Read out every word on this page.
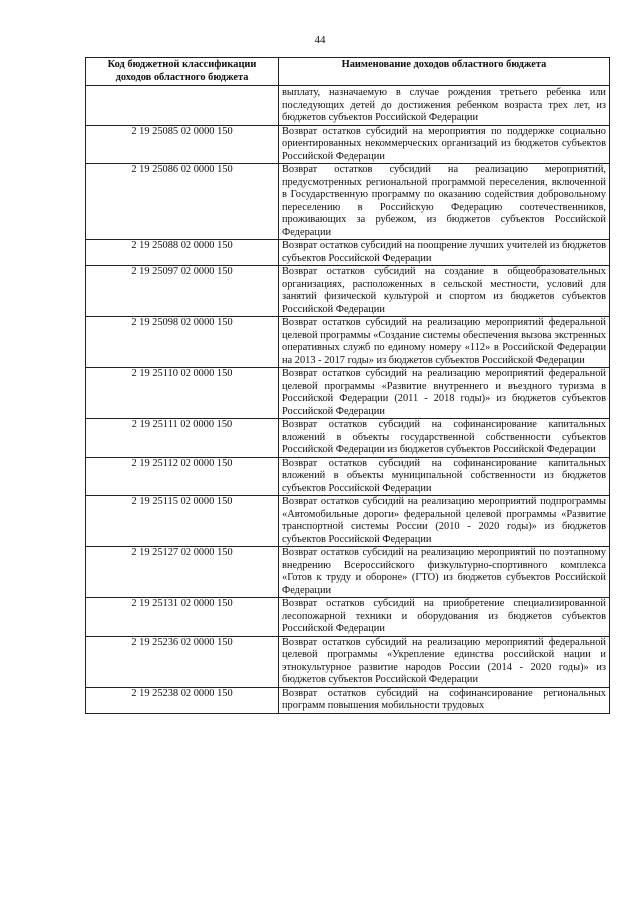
44
Код бюджетной классификации доходов областного бюджета	Наименование доходов областного бюджета
	выплату, назначаемую в случае рождения третьего ребенка или последующих детей до достижения ребенком возраста трех лет, из бюджетов субъектов Российской Федерации
2 19 25085 02 0000 150	Возврат остатков субсидий на мероприятия по поддержке социально ориентированных некоммерческих организаций из бюджетов субъектов Российской Федерации
2 19 25086 02 0000 150	Возврат остатков субсидий на реализацию мероприятий, предусмотренных региональной программой переселения, включенной в Государственную программу по оказанию содействия добровольному переселению в Российскую Федерацию соотечественников, проживающих за рубежом, из бюджетов субъектов Российской Федерации
2 19 25088 02 0000 150	Возврат остатков субсидий на поощрение лучших учителей из бюджетов субъектов Российской Федерации
2 19 25097 02 0000 150	Возврат остатков субсидий на создание в общеобразовательных организациях, расположенных в сельской местности, условий для занятий физической культурой и спортом из бюджетов субъектов Российской Федерации
2 19 25098 02 0000 150	Возврат остатков субсидий на реализацию мероприятий федеральной целевой программы «Создание системы обеспечения вызова экстренных оперативных служб по единому номеру «112» в Российской Федерации на 2013 - 2017 годы» из бюджетов субъектов Российской Федерации
2 19 25110 02 0000 150	Возврат остатков субсидий на реализацию мероприятий федеральной целевой программы «Развитие внутреннего и въездного туризма в Российской Федерации (2011 - 2018 годы)» из бюджетов субъектов Российской Федерации
2 19 25111 02 0000 150	Возврат остатков субсидий на софинансирование капитальных вложений в объекты государственной собственности субъектов Российской Федерации из бюджетов субъектов Российской Федерации
2 19 25112 02 0000 150	Возврат остатков субсидий на софинансирование капитальных вложений в объекты муниципальной собственности из бюджетов субъектов Российской Федерации
2 19 25115 02 0000 150	Возврат остатков субсидий на реализацию мероприятий подпрограммы «Автомобильные дороги» федеральной целевой программы «Развитие транспортной системы России (2010 - 2020 годы)» из бюджетов субъектов Российской Федерации
2 19 25127 02 0000 150	Возврат остатков субсидий на реализацию мероприятий по поэтапному внедрению Всероссийского физкультурно-спортивного комплекса «Готов к труду и обороне» (ГТО) из бюджетов субъектов Российской Федерации
2 19 25131 02 0000 150	Возврат остатков субсидий на приобретение специализированной лесопожарной техники и оборудования из бюджетов субъектов Российской Федерации
2 19 25236 02 0000 150	Возврат остатков субсидий на реализацию мероприятий федеральной целевой программы «Укрепление единства российской нации и этнокультурное развитие народов России (2014 - 2020 годы)» из бюджетов субъектов Российской Федерации
2 19 25238 02 0000 150	Возврат остатков субсидий на софинансирование региональных программ повышения мобильности трудовых
